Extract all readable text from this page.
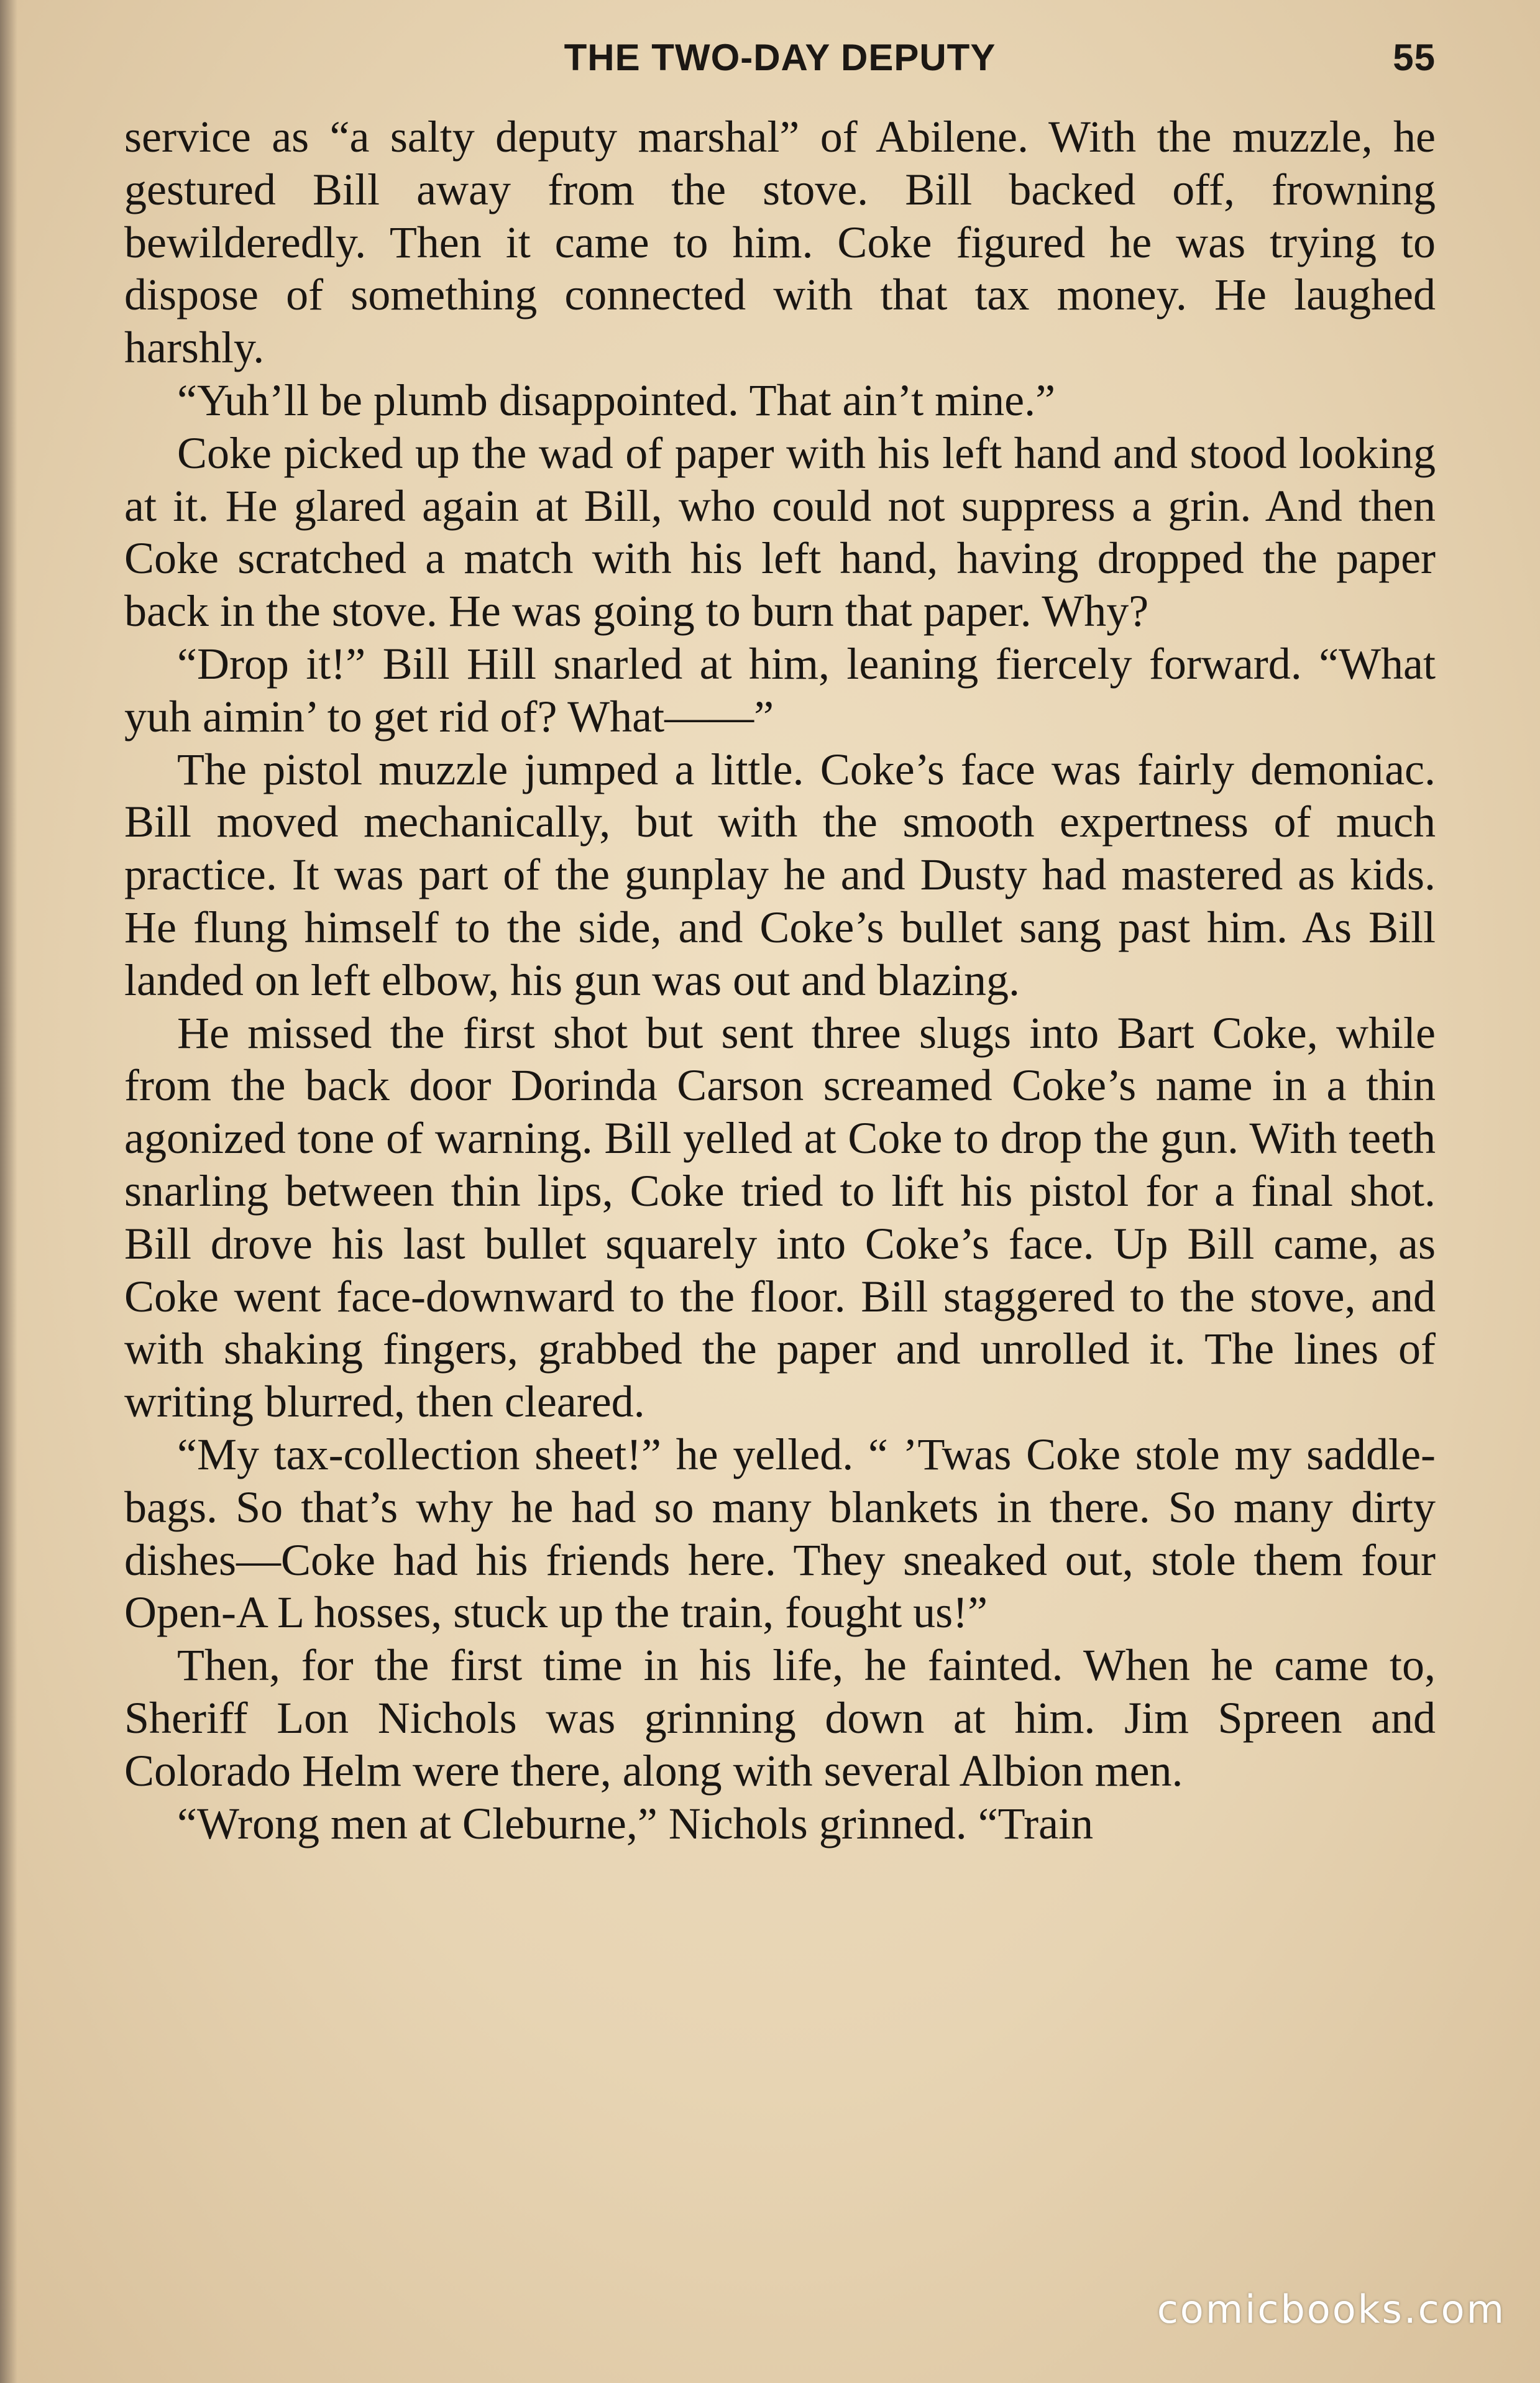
THE TWO-DAY DEPUTY	55

service as “a salty deputy marshal” of Abilene. With the muzzle, he gestured Bill away from the stove. Bill backed off, frowning bewilderedly. Then it came to him. Coke figured he was trying to dispose of something connected with that tax money. He laughed harshly.

“Yuh’ll be plumb disappointed. That ain’t mine.”

Coke picked up the wad of paper with his left hand and stood looking at it. He glared again at Bill, who could not suppress a grin. And then Coke scratched a match with his left hand, having dropped the paper back in the stove. He was going to burn that paper. Why?

“Drop it!” Bill Hill snarled at him, leaning fiercely forward. “What yuh aimin’ to get rid of? What——”

The pistol muzzle jumped a little. Coke’s face was fairly demoniac. Bill moved mechanically, but with the smooth expertness of much practice. It was part of the gunplay he and Dusty had mastered as kids. He flung himself to the side, and Coke’s bullet sang past him. As Bill landed on left elbow, his gun was out and blazing.

He missed the first shot but sent three slugs into Bart Coke, while from the back door Dorinda Carson screamed Coke’s name in a thin agonized tone of warning. Bill yelled at Coke to drop the gun. With teeth snarling between thin lips, Coke tried to lift his pistol for a final shot. Bill drove his last bullet squarely into Coke’s face. Up Bill came, as Coke went face-downward to the floor. Bill staggered to the stove, and with shaking fingers, grabbed the paper and unrolled it. The lines of writing blurred, then cleared.

“My tax-collection sheet!” he yelled. “ ’Twas Coke stole my saddle-bags. So that’s why he had so many blankets in there. So many dirty dishes—Coke had his friends here. They sneaked out, stole them four Open-A L hosses, stuck up the train, fought us!”

Then, for the first time in his life, he fainted. When he came to, Sheriff Lon Nichols was grinning down at him. Jim Spreen and Colorado Helm were there, along with several Albion men.

“Wrong men at Cleburne,” Nichols grinned. “Train

comicbooks.com
